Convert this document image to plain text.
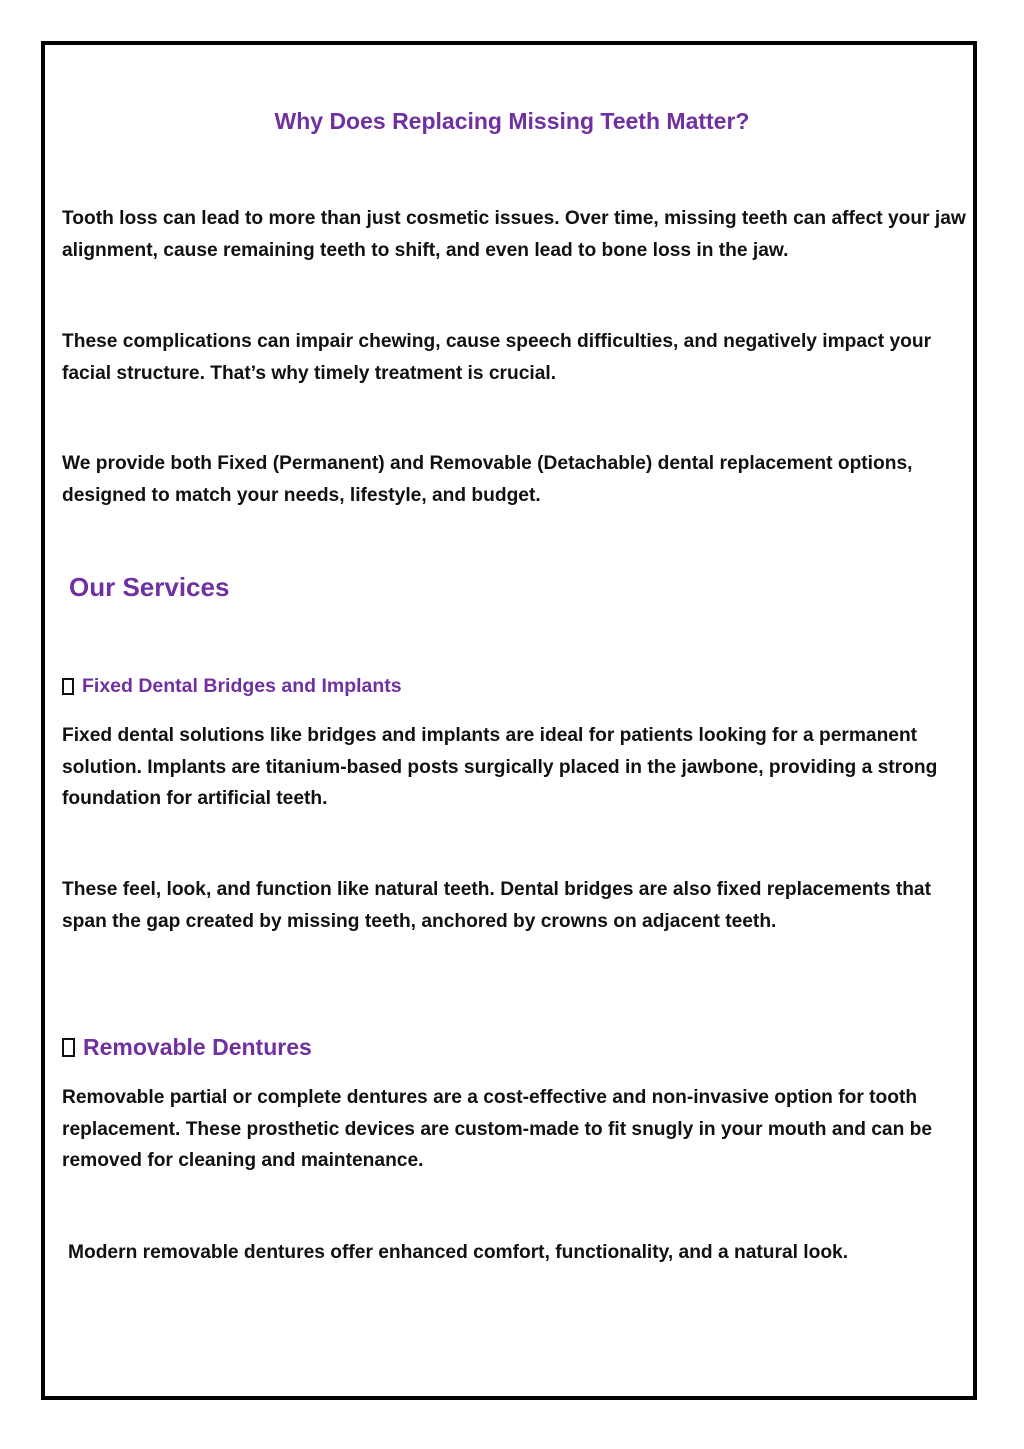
Why Does Replacing Missing Teeth Matter?

Tooth loss can lead to more than just cosmetic issues. Over time, missing teeth can affect your jaw alignment, cause remaining teeth to shift, and even lead to bone loss in the jaw.

These complications can impair chewing, cause speech difficulties, and negatively impact your facial structure. That’s why timely treatment is crucial.

We provide both Fixed (Permanent) and Removable (Detachable) dental replacement options, designed to match your needs, lifestyle, and budget.

Our Services
Fixed Dental Bridges and Implants

Fixed dental solutions like bridges and implants are ideal for patients looking for a permanent solution. Implants are titanium-based posts surgically placed in the jawbone, providing a strong foundation for artificial teeth.

These feel, look, and function like natural teeth. Dental bridges are also fixed replacements that span the gap created by missing teeth, anchored by crowns on adjacent teeth.

Removable Dentures

Removable partial or complete dentures are a cost-effective and non-invasive option for tooth replacement. These prosthetic devices are custom-made to fit snugly in your mouth and can be removed for cleaning and maintenance.

Modern removable dentures offer enhanced comfort, functionality, and a natural look.
